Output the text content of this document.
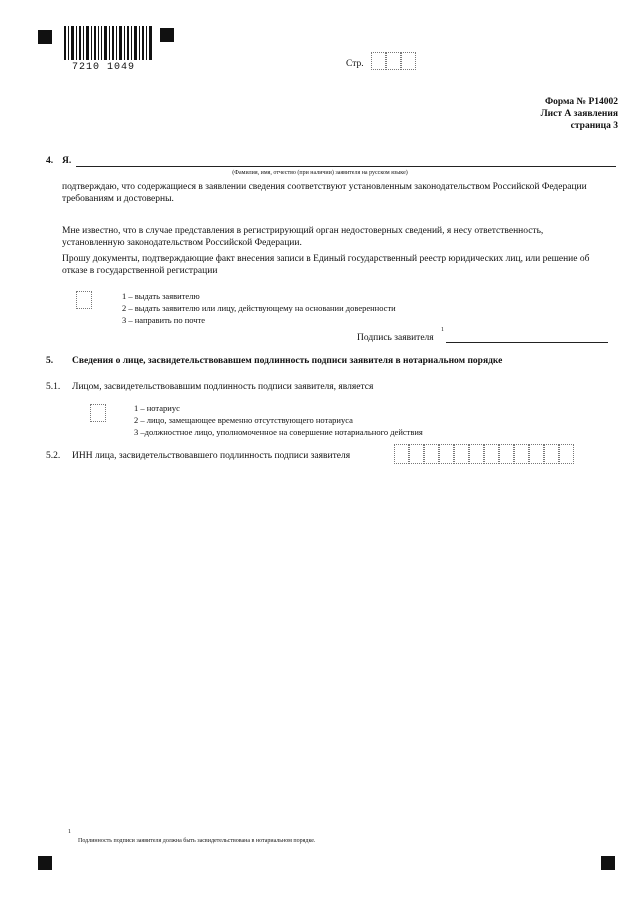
7210 1049	Стр.
Форма № Р14002
Лист А заявления
страница 3
4. Я.
(Фамилия, имя, отчество (при наличии) заявителя на русском языке)
подтверждаю, что содержащиеся в заявлении сведения соответствуют установленным законодательством Российской Федерации требованиям и достоверны.
Мне известно, что в случае представления в регистрирующий орган недостоверных сведений, я несу ответственность, установленную законодательством Российской Федерации.
Прошу документы, подтверждающие факт внесения записи в Единый государственный реестр юридических лиц, или решение об отказе в государственной регистрации
1 – выдать заявителю
2 – выдать заявителю или лицу, действующему на основании доверенности
3 – направить по почте
Подпись заявителя
1
5. Сведения о лице, засвидетельствовавшем подлинность подписи заявителя в нотариальном порядке
5.1. Лицом, засвидетельствовавшим подлинность подписи заявителя, является
1 – нотариус
2 – лицо, замещающее временно отсутствующего нотариуса
3 –должностное лицо, уполномоченное на совершение нотариального действия
5.2. ИНН лица, засвидетельствовавшего подлинность подписи заявителя
1
Подлинность подписи заявителя должна быть засвидетельствована в нотариальном порядке.
